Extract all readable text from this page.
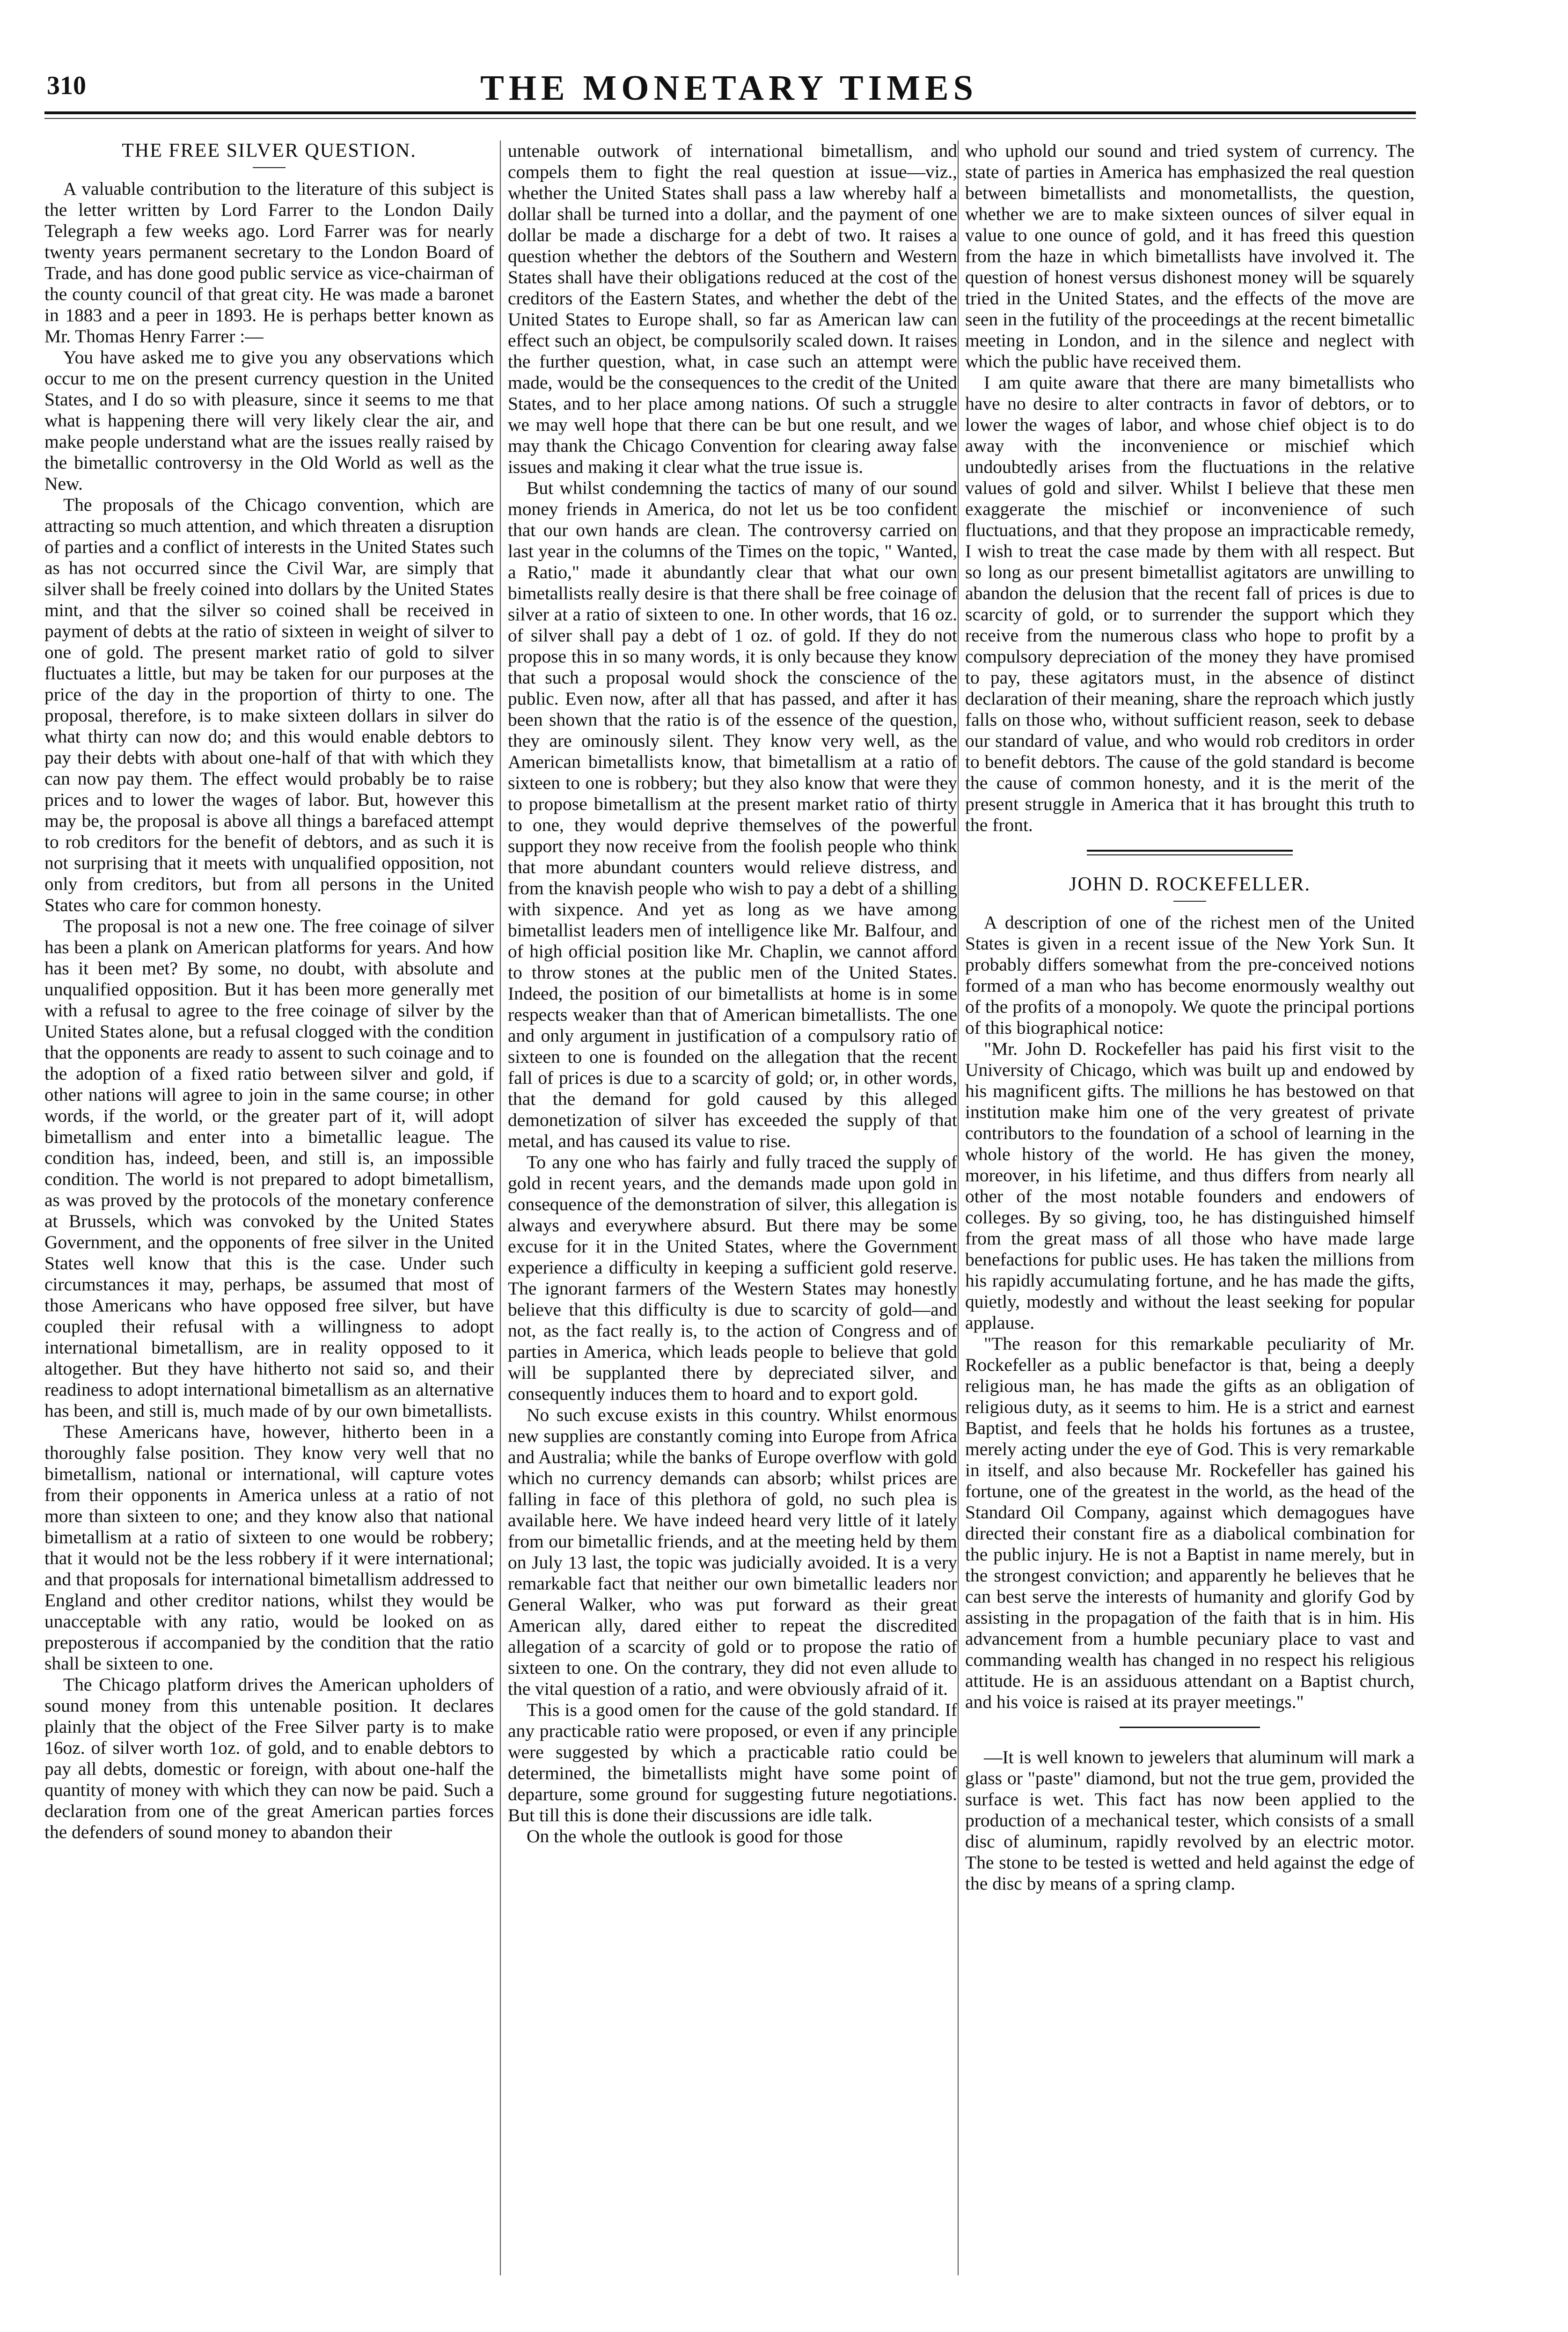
310	THE MONETARY TIMES
THE FREE SILVER QUESTION.

A valuable contribution to the literature of this subject is the letter written by Lord Farrer to the London Daily Telegraph a few weeks ago. Lord Farrer was for nearly twenty years permanent secretary to the London Board of Trade, and has done good public service as vice-chairman of the county council of that great city. He was made a baronet in 1883 and a peer in 1893. He is perhaps better known as Mr. Thomas Henry Farrer :—

You have asked me to give you any observations which occur to me on the present currency question in the United States, and I do so with pleasure, since it seems to me that what is happening there will very likely clear the air, and make people understand what are the issues really raised by the bimetallic controversy in the Old World as well as the New.

The proposals of the Chicago convention, which are attracting so much attention, and which threaten a disruption of parties and a conflict of interests in the United States such as has not occurred since the Civil War, are simply that silver shall be freely coined into dollars by the United States mint, and that the silver so coined shall be received in payment of debts at the ratio of sixteen in weight of silver to one of gold. The present market ratio of gold to silver fluctuates a little, but may be taken for our purposes at the price of the day in the proportion of thirty to one. The proposal, therefore, is to make sixteen dollars in silver do what thirty can now do; and this would enable debtors to pay their debts with about one-half of that with which they can now pay them. The effect would probably be to raise prices and to lower the wages of labor. But, however this may be, the proposal is above all things a barefaced attempt to rob creditors for the benefit of debtors, and as such it is not surprising that it meets with unqualified opposition, not only from creditors, but from all persons in the United States who care for common honesty.

The proposal is not a new one. The free coinage of silver has been a plank on American platforms for years. And how has it been met? By some, no doubt, with absolute and unqualified opposition. But it has been more generally met with a refusal to agree to the free coinage of silver by the United States alone, but a refusal clogged with the condition that the opponents are ready to assent to such coinage and to the adoption of a fixed ratio between silver and gold, if other nations will agree to join in the same course; in other words, if the world, or the greater part of it, will adopt bimetallism and enter into a bimetallic league. The condition has, indeed, been, and still is, an impossible condition. The world is not prepared to adopt bimetallism, as was proved by the protocols of the monetary conference at Brussels, which was convoked by the United States Government, and the opponents of free silver in the United States well know that this is the case. Under such circumstances it may, perhaps, be assumed that most of those Americans who have opposed free silver, but have coupled their refusal with a willingness to adopt international bimetallism, are in reality opposed to it altogether. But they have hitherto not said so, and their readiness to adopt international bimetallism as an alternative has been, and still is, much made of by our own bimetallists.

These Americans have, however, hitherto been in a thoroughly false position. They know very well that no bimetallism, national or international, will capture votes from their opponents in America unless at a ratio of not more than sixteen to one; and they know also that national bimetallism at a ratio of sixteen to one would be robbery; that it would not be the less robbery if it were international; and that proposals for international bimetallism addressed to England and other creditor nations, whilst they would be unacceptable with any ratio, would be looked on as preposterous if accompanied by the condition that the ratio shall be sixteen to one.

The Chicago platform drives the American upholders of sound money from this untenable position. It declares plainly that the object of the Free Silver party is to make 16oz. of silver worth 1oz. of gold, and to enable debtors to pay all debts, domestic or foreign, with about one-half the quantity of money with which they can now be paid. Such a declaration from one of the great American parties forces the defenders of sound money to abandon their

untenable outwork of international bimetallism, and compels them to fight the real question at issue—viz., whether the United States shall pass a law whereby half a dollar shall be turned into a dollar, and the payment of one dollar be made a discharge for a debt of two. It raises a question whether the debtors of the Southern and Western States shall have their obligations reduced at the cost of the creditors of the Eastern States, and whether the debt of the United States to Europe shall, so far as American law can effect such an object, be compulsorily scaled down. It raises the further question, what, in case such an attempt were made, would be the consequences to the credit of the United States, and to her place among nations. Of such a struggle we may well hope that there can be but one result, and we may thank the Chicago Convention for clearing away false issues and making it clear what the true issue is.

But whilst condemning the tactics of many of our sound money friends in America, do not let us be too confident that our own hands are clean. The controversy carried on last year in the columns of the Times on the topic, " Wanted, a Ratio," made it abundantly clear that what our own bimetallists really desire is that there shall be free coinage of silver at a ratio of sixteen to one. In other words, that 16 oz. of silver shall pay a debt of 1 oz. of gold. If they do not propose this in so many words, it is only because they know that such a proposal would shock the conscience of the public. Even now, after all that has passed, and after it has been shown that the ratio is of the essence of the question, they are ominously silent. They know very well, as the American bimetallists know, that bimetallism at a ratio of sixteen to one is robbery; but they also know that were they to propose bimetallism at the present market ratio of thirty to one, they would deprive themselves of the powerful support they now receive from the foolish people who think that more abundant counters would relieve distress, and from the knavish people who wish to pay a debt of a shilling with sixpence. And yet as long as we have among bimetallist leaders men of intelligence like Mr. Balfour, and of high official position like Mr. Chaplin, we cannot afford to throw stones at the public men of the United States. Indeed, the position of our bimetallists at home is in some respects weaker than that of American bimetallists. The one and only argument in justification of a compulsory ratio of sixteen to one is founded on the allegation that the recent fall of prices is due to a scarcity of gold; or, in other words, that the demand for gold caused by this alleged demonetization of silver has exceeded the supply of that metal, and has caused its value to rise.

To any one who has fairly and fully traced the supply of gold in recent years, and the demands made upon gold in consequence of the demonstration of silver, this allegation is always and everywhere absurd. But there may be some excuse for it in the United States, where the Government experience a difficulty in keeping a sufficient gold reserve. The ignorant farmers of the Western States may honestly believe that this difficulty is due to scarcity of gold—and not, as the fact really is, to the action of Congress and of parties in America, which leads people to believe that gold will be supplanted there by depreciated silver, and consequently induces them to hoard and to export gold.

No such excuse exists in this country. Whilst enormous new supplies are constantly coming into Europe from Africa and Australia; while the banks of Europe overflow with gold which no currency demands can absorb; whilst prices are falling in face of this plethora of gold, no such plea is available here. We have indeed heard very little of it lately from our bimetallic friends, and at the meeting held by them on July 13 last, the topic was judicially avoided. It is a very remarkable fact that neither our own bimetallic leaders nor General Walker, who was put forward as their great American ally, dared either to repeat the discredited allegation of a scarcity of gold or to propose the ratio of sixteen to one. On the contrary, they did not even allude to the vital question of a ratio, and were obviously afraid of it.

This is a good omen for the cause of the gold standard. If any practicable ratio were proposed, or even if any principle were suggested by which a practicable ratio could be determined, the bimetallists might have some point of departure, some ground for suggesting future negotiations. But till this is done their discussions are idle talk.

On the whole the outlook is good for those

who uphold our sound and tried system of currency. The state of parties in America has emphasized the real question between bimetallists and monometallists, the question, whether we are to make sixteen ounces of silver equal in value to one ounce of gold, and it has freed this question from the haze in which bimetallists have involved it. The question of honest versus dishonest money will be squarely tried in the United States, and the effects of the move are seen in the futility of the proceedings at the recent bimetallic meeting in London, and in the silence and neglect with which the public have received them.

I am quite aware that there are many bimetallists who have no desire to alter contracts in favor of debtors, or to lower the wages of labor, and whose chief object is to do away with the inconvenience or mischief which undoubtedly arises from the fluctuations in the relative values of gold and silver. Whilst I believe that these men exaggerate the mischief or inconvenience of such fluctuations, and that they propose an impracticable remedy, I wish to treat the case made by them with all respect. But so long as our present bimetallist agitators are unwilling to abandon the delusion that the recent fall of prices is due to scarcity of gold, or to surrender the support which they receive from the numerous class who hope to profit by a compulsory depreciation of the money they have promised to pay, these agitators must, in the absence of distinct declaration of their meaning, share the reproach which justly falls on those who, without sufficient reason, seek to debase our standard of value, and who would rob creditors in order to benefit debtors. The cause of the gold standard is become the cause of common honesty, and it is the merit of the present struggle in America that it has brought this truth to the front.

JOHN D. ROCKEFELLER.

A description of one of the richest men of the United States is given in a recent issue of the New York Sun. It probably differs somewhat from the pre-conceived notions formed of a man who has become enormously wealthy out of the profits of a monopoly. We quote the principal portions of this biographical notice:

"Mr. John D. Rockefeller has paid his first visit to the University of Chicago, which was built up and endowed by his magnificent gifts. The millions he has bestowed on that institution make him one of the very greatest of private contributors to the foundation of a school of learning in the whole history of the world. He has given the money, moreover, in his lifetime, and thus differs from nearly all other of the most notable founders and endowers of colleges. By so giving, too, he has distinguished himself from the great mass of all those who have made large benefactions for public uses. He has taken the millions from his rapidly accumulating fortune, and he has made the gifts, quietly, modestly and without the least seeking for popular applause.

"The reason for this remarkable peculiarity of Mr. Rockefeller as a public benefactor is that, being a deeply religious man, he has made the gifts as an obligation of religious duty, as it seems to him. He is a strict and earnest Baptist, and feels that he holds his fortunes as a trustee, merely acting under the eye of God. This is very remarkable in itself, and also because Mr. Rockefeller has gained his fortune, one of the greatest in the world, as the head of the Standard Oil Company, against which demagogues have directed their constant fire as a diabolical combination for the public injury. He is not a Baptist in name merely, but in the strongest conviction; and apparently he believes that he can best serve the interests of humanity and glorify God by assisting in the propagation of the faith that is in him. His advancement from a humble pecuniary place to vast and commanding wealth has changed in no respect his religious attitude. He is an assiduous attendant on a Baptist church, and his voice is raised at its prayer meetings."

—It is well known to jewelers that aluminum will mark a glass or "paste" diamond, but not the true gem, provided the surface is wet. This fact has now been applied to the production of a mechanical tester, which consists of a small disc of aluminum, rapidly revolved by an electric motor. The stone to be tested is wetted and held against the edge of the disc by means of a spring clamp.
